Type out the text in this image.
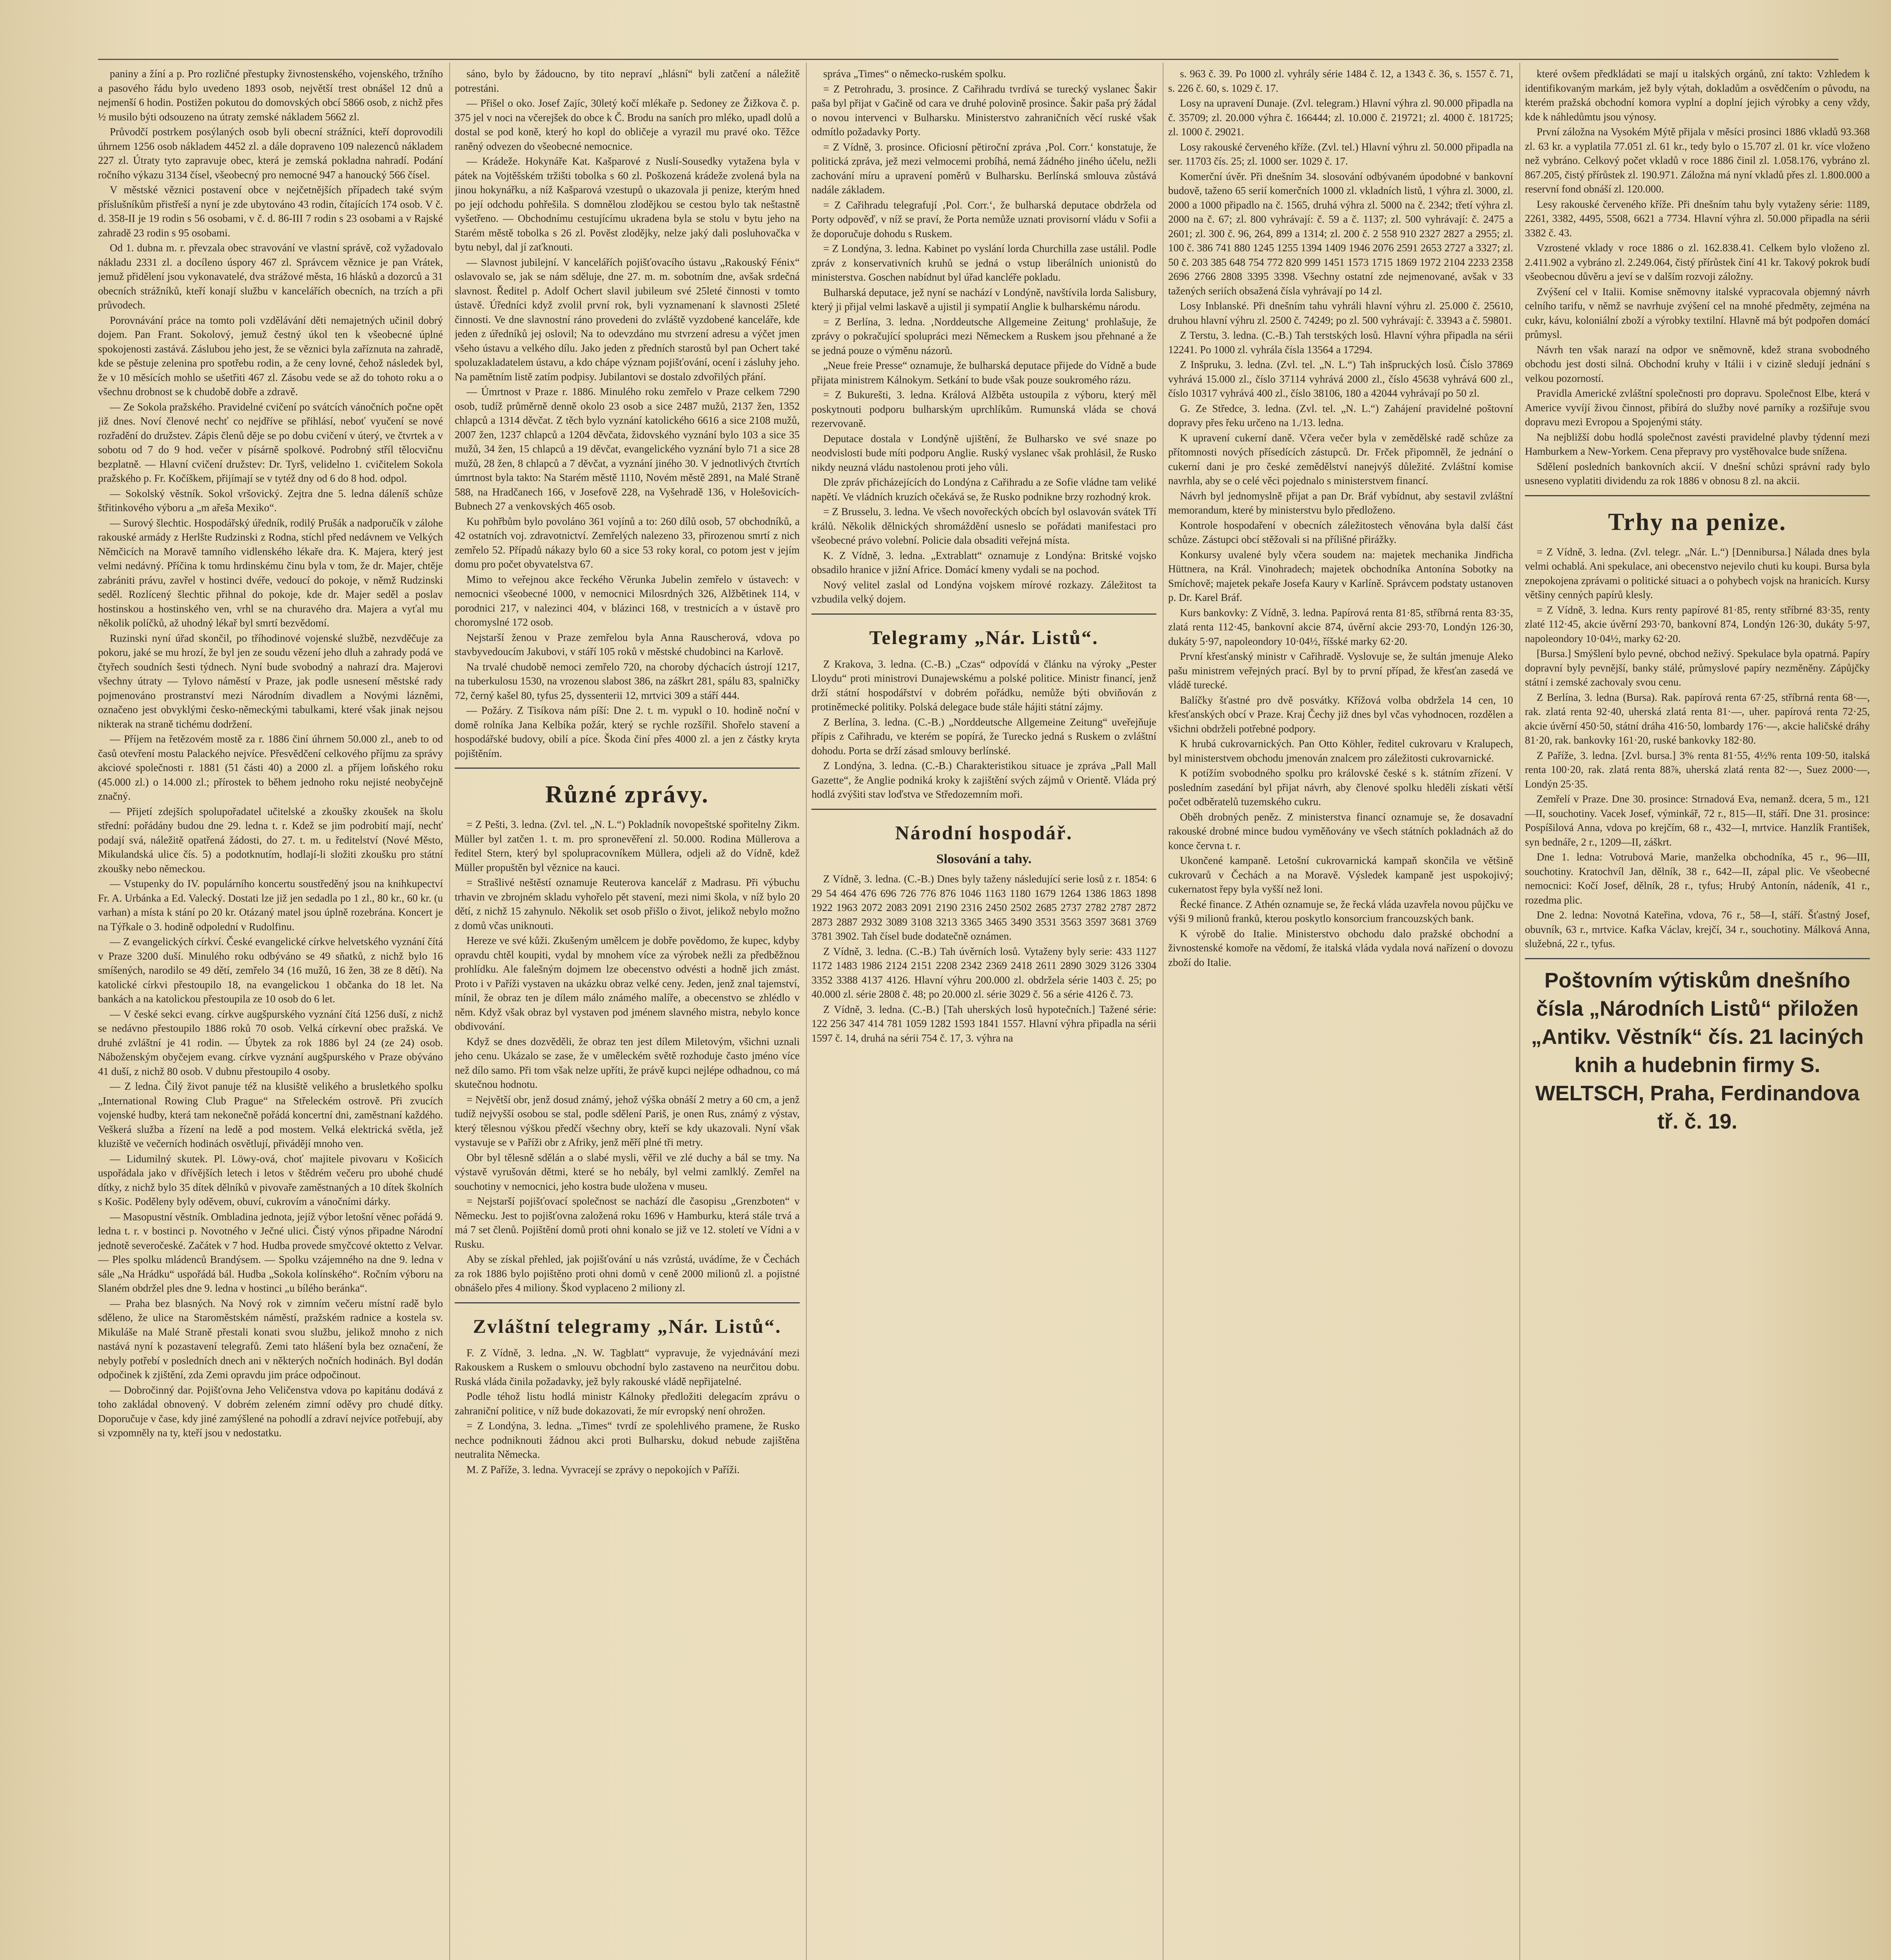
paniny a žíní a p. Pro rozličné přestupky živnostenského, vojenského, tržního a pasového řádu bylo uvedeno 1893 osob, největší trest obnášel 12 dnů a nejmenší 6 hodin. Postižen pokutou do domovských obcí 5866 osob, z nichž přes ½ musilo býti odsouzeno na útraty zemské nákladem 5662 zl.

Průvodčí postrkem posýlaných osob byli obecní strážníci, kteří doprovodili úhrnem 1256 osob nákladem 4452 zl. a dále dopraveno 109 nalezenců nákladem 227 zl. Útraty tyto zapravuje obec, která je zemská pokladna nahradí. Podání ročního výkazu 3134 čísel, všeobecný pro nemocné 947 a hanoucký 566 čísel.

V městské věznici postavení obce v nejčetnějších případech také svým příslušníkům přistřeší a nyní je zde ubytováno 43 rodin, čítajících 174 osob. V č. d. 358-II je 19 rodin s 56 osobami, v č. d. 86-III 7 rodin s 23 osobami a v Rajské zahradě 23 rodin s 95 osobami.

Od 1. dubna m. r. převzala obec stravování ve vlastní správě, což vyžadovalo nákladu 2331 zl. a docíleno úspory 467 zl. Správcem věznice je pan Vrátek, jemuž přidělení jsou vykonavatelé, dva strážové města, 16 hlásků a dozorců a 31 obecních strážníků, kteří konají službu v kancelářích obecních, na trzích a při průvodech.

Porovnávání práce na tomto poli vzdělávání děti nemajetných učinil dobrý dojem. Pan Frant. Sokolový, jemuž čestný úkol ten k všeobecné úplné spokojenosti zastává. Záslubou jeho jest, že se věznici byla zaříznuta na zahradě, kde se pěstuje zelenina pro spotřebu rodin, a že ceny lovné, čehož následek byl, že v 10 měsících mohlo se ušetřiti 467 zl. Zásobu vede se až do tohoto roku a o všechnu drobnost se k chudobě dobře a zdravě.

— Ze Sokola pražského. Pravidelné cvičení po svátcích vánočních počne opět již dnes. Noví členové nechť co nejdříve se přihlásí, neboť vyučení se nové rozřadění do družstev. Zápis členů děje se po dobu cvičení v úterý, ve čtvrtek a v sobotu od 7 do 9 hod. večer v písárně spolkové. Podrobný stříl tělocvičnu bezplatně. — Hlavní cvičení družstev: Dr. Tyrš, velidelno 1. cvičitelem Sokola pražského p. Fr. Kočíškem, přijímají se v tytéž dny od 6 do 8 hod. odpol.

— Sokolský věstník. Sokol vršovický. Zejtra dne 5. ledna dáleníš schůze štřitinkového výboru a „m ařeša Mexiko“.

— Surový šlechtic. Hospodářský úředník, rodilý Prušák a nadporučík v zálohe rakouské armády z Herlšte Rudzinski z Rodna, stíchl před nedávnem ve Velkých Němčicích na Moravě tamního vidlenského lékaře dra. K. Majera, který jest velmi nedávný. Příčina k tomu hrdinskému činu byla v tom, že dr. Majer, chtěje zabrániti právu, zavřel v hostinci dvéře, vedoucí do pokoje, v němž Rudzinski seděl. Rozlícený šlechtic přihnal do pokoje, kde dr. Majer seděl a poslav hostinskou a hostinského ven, vrhl se na churavého dra. Majera a vyťal mu několik políčků, až uhodný lékař byl smrtí bezvědomí.

Ruzinski nyní úřad skončil, po tříhodinové vojenské službě, nezvděčuje za pokoru, jaké se mu hrozí, že byl jen ze soudu vězení jeho dluh a zahrady podá ve čtyřech soudních šesti týdnech. Nyní bude svobodný a nahrazí dra. Majerovi všechny útraty — Tylovo náměstí v Praze, jak podle usnesení městské rady pojmenováno prostranství mezi Národním divadlem a Novými lázněmi, označeno jest obvyklými česko-německými tabulkami, které však jinak nejsou nikterak na straně tichému dodržení.

— Příjem na řetězovém mostě za r. 1886 činí úhrnem 50.000 zl., aneb to od časů otevření mostu Palackého nejvíce. Přesvědčení celkového příjmu za správy akciové společnosti r. 1881 (51 části 40) a 2000 zl. a příjem loňského roku (45.000 zl.) o 14.000 zl.; přírostek to během jednoho roku nejisté neobyčejně značný.

— Přijetí zdejších spolupořadatel učitelské a zkoušky zkoušek na školu střední: pořádány budou dne 29. ledna t. r. Kdež se jim podrobití mají, nechť podají svá, náležitě opatřená žádosti, do 27. t. m. u ředitelství (Nové Město, Mikulandská ulice čís. 5) a podotknutím, hodlají-li složiti zkoušku pro státní zkoušky nebo německou.

— Vstupenky do IV. populárního koncertu soustředěný jsou na knihkupectví Fr. A. Urbánka a Ed. Valecký. Dostati lze již jen sedadla po 1 zl., 80 kr., 60 kr. (u varhan) a místa k stání po 20 kr. Otázaný matel jsou úplně rozebrána. Koncert je na Týřkale o 3. hodině odpolední v Rudolfinu.

— Z evangelických církví. České evangelické církve helvetského vyznání čítá v Praze 3200 duší. Minulého roku odbýváno se 49 sňatků, z nichž bylo 16 smíšených, narodilo se 49 dětí, zemřelo 34 (16 mužů, 16 žen, 38 ze 8 dětí). Na katolické církvi přestoupilo 18, na evangelickou 1 občanka do 18 let. Na bankách a na katolickou přestoupila ze 10 osob do 6 let.

— V české sekci evang. církve augšpurského vyznání čítá 1256 duší, z nichž se nedávno přestoupilo 1886 roků 70 osob. Velká církevní obec pražská. Ve druhé zvláštní je 41 rodin. — Úbytek za rok 1886 byl 24 (ze 24) osob. Náboženským obyčejem evang. církve vyznání augšpurského v Praze obýváno 41 duší, z nichž 80 osob. V dubnu přestoupilo 4 osoby.

— Z ledna. Čilý život panuje též na klusiště velikého a brusletkého spolku „International Rowing Club Prague“ na Střeleckém ostrově. Při zvucích vojenské hudby, která tam nekonečně pořádá koncertní dni, zaměstnaní každého. Veškerá služba a řízení na ledě a pod mostem. Velká elektrická světla, jež kluziště ve večerních hodinách osvětlují, přivádějí mnoho ven.

— Lidumilný skutek. Pl. Löwy-ová, choť majitele pivovaru v Košicích uspořádala jako v dřívějších letech i letos v štědrém večeru pro ubohé chudé dítky, z nichž bylo 35 dítek dělníků v pivovaře zaměstnaných a 10 dítek školních s Košic. Poděleny byly oděvem, obuví, cukrovím a vánočními dárky.

— Masopustní věstník. Ombladina jednota, jejíž výbor letošní věnec pořádá 9. ledna t. r. v bostinci p. Novotného v Ječné ulici. Čistý výnos připadne Národní jednotě severočeské. Začátek v 7 hod. Hudba provede smyčcové oktetto z Velvar. — Ples spolku mládenců Brandýsem. — Spolku vzájemného na dne 9. ledna v sále „Na Hrádku“ uspořádá bál. Hudba „Sokola kolínského“. Ročním výboru na Slaném obdržel ples dne 9. ledna v hostinci „u bílého beránka“.

— Praha bez blasných. Na Nový rok v zimním večeru místní radě bylo sděleno, že ulice na Staroměstském náměstí, pražském radnice a kostela sv. Mikuláše na Malé Straně přestali konati svou službu, jelikož mnoho z nich nastává nyní k pozastavení telegrafů. Zemi tato hlášení byla bez označení, že nebyly potřebí v posledních dnech ani v některých nočních hodinách. Byl dodán odpočinek k zjištění, zda Zemi opravdu jim práce odpočinout.

— Dobročinný dar. Pojišťovna Jeho Veličenstva vdova po kapitánu dodává z toho zakládal obnovený. V dobrém zeleném zimní oděvy pro chudé dítky. Doporučuje v čase, kdy jiné zamýšlené na pohodlí a zdraví nejvíce potřebují, aby si vzpomněly na ty, kteří jsou v nedostatku.

sáno, bylo by žádoucno, by tito nepraví „hlásní“ byli zatčení a náležitě potrestáni.

— Přišel o oko. Josef Zajíc, 30letý kočí mlékaře p. Sedoney ze Žižkova č. p. 375 jel v noci na včerejšek do obce k Č. Brodu na saních pro mléko, upadl dolů a dostal se pod koně, který ho kopl do obličeje a vyrazil mu pravé oko. Těžce raněný odvezen do všeobecné nemocnice.

— Krádeže. Hokynáře Kat. Kašparové z Nuslí-Sousedky vytažena byla v pátek na Vojtěšském tržišti tobolka s 60 zl. Poškozená krádeže zvolená byla na jinou hokynářku, a níž Kašparová vzestupů o ukazovala ji penize, kterým hned po její odchodu pohřešila. S domnělou zlodějkou se cestou bylo tak neštastně vyšetřeno. — Obchodnímu cestujícímu ukradena byla se stolu v bytu jeho na Starém městě tobolka s 26 zl. Pověst zlodějky, nelze jaký dali posluhovačka v bytu nebyl, dal jí zaťknouti.

— Slavnost jubilejní. V kancelářích pojišťovacího ústavu „Rakouský Fénix“ oslavovalo se, jak se nám sděluje, dne 27. m. m. sobotním dne, avšak srdečná slavnost. Ředitel p. Adolf Ochert slavil jubileum své 25leté činnosti v tomto ústavě. Úředníci když zvolil první rok, byli vyznamenaní k slavnosti 25leté činnosti. Ve dne slavnostní ráno provedeni do zvláště vyzdobené kanceláře, kde jeden z úředníků jej oslovil; Na to odevzdáno mu stvrzení adresu a výčet jmen všeho ústavu a velkého dílu. Jako jeden z předních starostů byl pan Ochert také spoluzakladatelem ústavu, a kdo chápe význam pojišťování, ocení i zásluhy jeho. Na pamětním listě zatím podpisy. Jubilantovi se dostalo zdvořilých přání.

— Úmrtnost v Praze r. 1886. Minulého roku zemřelo v Praze celkem 7290 osob, tudíž průměrně denně okolo 23 osob a sice 2487 mužů, 2137 žen, 1352 chlapců a 1314 děvčat. Z těch bylo vyznání katolického 6616 a sice 2108 mužů, 2007 žen, 1237 chlapců a 1204 děvčata, židovského vyznání bylo 103 a sice 35 mužů, 34 žen, 15 chlapců a 19 děvčat, evangelického vyznání bylo 71 a sice 28 mužů, 28 žen, 8 chlapců a 7 děvčat, a vyznání jiného 30. V jednotlivých čtvrtích úmrtnost byla takto: Na Starém městě 1110, Novém městě 2891, na Malé Straně 588, na Hradčanech 166, v Josefově 228, na Vyšehradě 136, v Holešovicích-Bubnech 27 a venkovských 465 osob.

Ku pohřbům bylo povoláno 361 vojínů a to: 260 dílů osob, 57 obchodníků, a 42 ostatních voj. zdravotnictví. Zemřelých nalezeno 33, přirozenou smrtí z nich zemřelo 52. Případů nákazy bylo 60 a sice 53 roky koral, co potom jest v jejím domu pro počet obyvatelstva 67.

Mimo to veřejnou akce řeckého Věrunka Jubelin zemřelo v ústavech: v nemocnici všeobecné 1000, v nemocnici Milosrdných 326, Alžbětinek 114, v porodnici 217, v nalezinci 404, v blázinci 168, v trestnicích a v ústavě pro choromyslné 172 osob.

Nejstarší ženou v Praze zemřelou byla Anna Rauscherová, vdova po stavbyvedoucím Jakubovi, v stáří 105 roků v městské chudobinci na Karlově.

Na trvalé chudobě nemoci zemřelo 720, na choroby dýchacích ústrojí 1217, na tuberkulosu 1530, na vrozenou slabost 386, na záškrt 281, spálu 83, spalničky 72, černý kašel 80, tyfus 25, dyssenterii 12, mrtvici 309 a stáří 444.

— Požáry. Z Tisíkova nám píší: Dne 2. t. m. vypukl o 10. hodině noční v domě rolníka Jana Kelbíka požár, který se rychle rozšířil. Shořelo stavení a hospodářské budovy, obilí a píce. Škoda činí přes 4000 zl. a jen z částky kryta pojištěním.

Různé zprávy.

= Z Pešti, 3. ledna. (Zvl. tel. „N. L.“) Pokladník novopeštské spořitelny Zikm. Müller byl zatčen 1. t. m. pro spronevěření zl. 50.000. Rodina Müllerova a ředitel Stern, který byl spolupracovníkem Müllera, odjeli až do Vídně, kdež Müller propuštěn byl věznice na kauci.

= Strašlivé neštěstí oznamuje Reuterova kancelář z Madrasu. Při výbuchu trhavin ve zbrojném skladu vyhořelo pět stavení, mezi nimi škola, v níž bylo 20 dětí, z nichž 15 zahynulo. Několik set osob přišlo o život, jelikož nebylo možno z domů včas uniknouti.

Hereze ve své kůži. Zkušeným umělcem je dobře povědomo, že kupec, kdyby opravdu chtěl koupiti, vydal by mnohem více za výrobek nežli za předběžnou prohlídku. Ale falešným dojmem lze obecenstvo odvésti a hodně jich zmást. Proto i v Paříži vystaven na ukázku obraz velké ceny. Jeden, jenž znal tajemství, mínil, že obraz ten je dílem málo známého malíře, a obecenstvo se zhlédlo v něm. Když však obraz byl vystaven pod jménem slavného mistra, nebylo konce obdivování.

Když se dnes dozvěděli, že obraz ten jest dílem Miletovým, všichni uznali jeho cenu. Ukázalo se zase, že v uměleckém světě rozhoduje často jméno více než dílo samo. Při tom však nelze upříti, že právě kupci nejlépe odhadnou, co má skutečnou hodnotu.

= Největší obr, jenž dosud známý, jehož výška obnáší 2 metry a 60 cm, a jenž tudíž nejvyšší osobou se stal, podle sdělení Pariš, je onen Rus, známý z výstav, který tělesnou výškou předčí všechny obry, kteří se kdy ukazovali. Nyní však vystavuje se v Paříži obr z Afriky, jenž měří plné tři metry.

Obr byl tělesně sdělán a o slabé mysli, věřil ve zlé duchy a bál se tmy. Na výstavě vyrušován dětmi, které se ho nebály, byl velmi zamlklý. Zemřel na souchotiny v nemocnici, jeho kostra bude uložena v museu.

= Nejstarší pojišťovací společnost se nachází dle časopisu „Grenzboten“ v Německu. Jest to pojišťovna založená roku 1696 v Hamburku, která stále trvá a má 7 set členů. Pojištění domů proti ohni konalo se již ve 12. století ve Vídni a v Rusku.

Aby se získal přehled, jak pojišťování u nás vzrůstá, uvádíme, že v Čechách za rok 1886 bylo pojištěno proti ohni domů v ceně 2000 milionů zl. a pojistné obnášelo přes 4 miliony. Škod vyplaceno 2 miliony zl.

Zvláštní telegramy „Nár. Listů“.

F. Z Vídně, 3. ledna. „N. W. Tagblatt“ vypravuje, že vyjednávání mezi Rakouskem a Ruskem o smlouvu obchodní bylo zastaveno na neurčitou dobu. Ruská vláda činila požadavky, jež byly rakouské vládě nepřijatelné.

Podle téhož listu hodlá ministr Kálnoky předložiti delegacím zprávu o zahraniční politice, v níž bude dokazovati, že mír evropský není ohrožen.

= Z Londýna, 3. ledna. „Times“ tvrdí ze spolehlivého pramene, že Rusko nechce podniknouti žádnou akci proti Bulharsku, dokud nebude zajištěna neutralita Německa.

M. Z Paříže, 3. ledna. Vyvracejí se zprávy o nepokojích v Paříži.

správa „Times“ o německo-ruském spolku.

= Z Petrohradu, 3. prosince. Z Cařihradu tvrdívá se turecký vyslanec Šakir paša byl přijat v Gačině od cara ve druhé polovině prosince. Šakir paša prý žádal o novou intervenci v Bulharsku. Ministerstvo zahraničních věcí ruské však odmítlo požadavky Porty.

= Z Vídně, 3. prosince. Oficiosní pětiroční zpráva ‚Pol. Corr.‘ konstatuje, že politická zpráva, jež mezi velmocemi probíhá, nemá žádného jiného účelu, nežli zachování míru a upravení poměrů v Bulharsku. Berlínská smlouva zůstává nadále základem.

= Z Cařihradu telegrafují ‚Pol. Corr.‘, že bulharská deputace obdržela od Porty odpověď, v níž se praví, že Porta nemůže uznati provisorní vládu v Sofii a že doporučuje dohodu s Ruskem.

= Z Londýna, 3. ledna. Kabinet po vyslání lorda Churchilla zase ustálil. Podle zpráv z konservativních kruhů se jedná o vstup liberálních unionistů do ministerstva. Goschen nabídnut byl úřad kancléře pokladu.

Bulharská deputace, jež nyní se nachází v Londýně, navštívila lorda Salisbury, který ji přijal velmi laskavě a ujistil ji sympatií Anglie k bulharskému národu.

= Z Berlína, 3. ledna. ‚Norddeutsche Allgemeine Zeitung‘ prohlašuje, že zprávy o pokračující spolupráci mezi Německem a Ruskem jsou přehnané a že se jedná pouze o výměnu názorů.

„Neue freie Presse“ oznamuje, že bulharská deputace přijede do Vídně a bude přijata ministrem Kálnokym. Setkání to bude však pouze soukromého rázu.

= Z Bukurešti, 3. ledna. Králová Alžběta ustoupila z výboru, který měl poskytnouti podporu bulharským uprchlíkům. Rumunská vláda se chová rezervovaně.

Deputace dostala v Londýně ujištění, že Bulharsko ve své snaze po neodvislosti bude míti podporu Anglie. Ruský vyslanec však prohlásil, že Rusko nikdy neuzná vládu nastolenou proti jeho vůli.

Dle zpráv přicházejících do Londýna z Cařihradu a ze Sofie vládne tam veliké napětí. Ve vládních kruzích očekává se, že Rusko podnikne brzy rozhodný krok.

= Z Brusselu, 3. ledna. Ve všech novořeckých obcích byl oslavován svátek Tří králů. Několik dělnických shromáždění usneslo se pořádati manifestaci pro všeobecné právo volební. Policie dala obsaditi veřejná místa.

K. Z Vídně, 3. ledna. „Extrablatt“ oznamuje z Londýna: Britské vojsko obsadilo hranice v jižní Africe. Domácí kmeny vydali se na pochod.

Nový velitel zaslal od Londýna vojskem mírové rozkazy. Záležitost ta vzbudila velký dojem.

Telegramy „Nár. Listů“.

Z Krakova, 3. ledna. (C.-B.) „Czas“ odpovídá v článku na výroky „Pester Lloydu“ proti ministrovi Dunajewskému a polské politice. Ministr financí, jenž drží státní hospodářství v dobrém pořádku, nemůže býti obviňován z protiněmecké politiky. Polská delegace bude stále hájiti státní zájmy.

Z Berlína, 3. ledna. (C.-B.) „Norddeutsche Allgemeine Zeitung“ uveřejňuje přípis z Cařihradu, ve kterém se popírá, že Turecko jedná s Ruskem o zvláštní dohodu. Porta se drží zásad smlouvy berlínské.

Z Londýna, 3. ledna. (C.-B.) Charakteristikou situace je zpráva „Pall Mall Gazette“, že Anglie podniká kroky k zajištění svých zájmů v Orientě. Vláda prý hodlá zvýšiti stav loďstva ve Středozemním moři.

Národní hospodář.
Slosování a tahy.

Z Vídně, 3. ledna. (C.-B.) Dnes byly taženy následující serie losů z r. 1854: 6 29 54 464 476 696 726 776 876 1046 1163 1180 1679 1264 1386 1863 1898 1922 1963 2072 2083 2091 2190 2316 2450 2502 2685 2737 2782 2787 2872 2873 2887 2932 3089 3108 3213 3365 3465 3490 3531 3563 3597 3681 3769 3781 3902. Tah čísel bude dodatečně oznámen.

Z Vídně, 3. ledna. (C.-B.) Tah úvěrních losů. Vytaženy byly serie: 433 1127 1172 1483 1986 2124 2151 2208 2342 2369 2418 2611 2890 3029 3126 3304 3352 3388 4137 4126. Hlavní výhru 200.000 zl. obdržela série 1403 č. 25; po 40.000 zl. série 2808 č. 48; po 20.000 zl. série 3029 č. 56 a série 4126 č. 73.

Z Vídně, 3. ledna. (C.-B.) [Tah uherských losů hypotečních.] Tažené série: 122 256 347 414 781 1059 1282 1593 1841 1557. Hlavní výhra připadla na sérii 1597 č. 14, druhá na sérii 754 č. 17, 3. výhra na

s. 963 č. 39. Po 1000 zl. vyhrály série 1484 č. 12, a 1343 č. 36, s. 1557 č. 71, s. 226 č. 60, s. 1029 č. 17.

Losy na upravení Dunaje. (Zvl. telegram.) Hlavní výhra zl. 90.000 připadla na č. 35709; zl. 20.000 výhra č. 166444; zl. 10.000 č. 219721; zl. 4000 č. 181725; zl. 1000 č. 29021.

Losy rakouské červeného kříže. (Zvl. tel.) Hlavní výhru zl. 50.000 připadla na ser. 11703 čís. 25; zl. 1000 ser. 1029 č. 17.

Komerční úvěr. Při dnešním 34. slosování odbývaném úpodobné v bankovní budově, taženo 65 serií komerčních 1000 zl. vkladních listů, 1 výhra zl. 3000, zl. 2000 a 1000 připadlo na č. 1565, druhá výhra zl. 5000 na č. 2342; třetí výhra zl. 2000 na č. 67; zl. 800 vyhrávají: č. 59 a č. 1137; zl. 500 vyhrávají: č. 2475 a 2601; zl. 300 č. 96, 264, 899 a 1314; zl. 200 č. 2 558 910 2327 2827 a 2955; zl. 100 č. 386 741 880 1245 1255 1394 1409 1946 2076 2591 2653 2727 a 3327; zl. 50 č. 203 385 648 754 772 820 999 1451 1573 1715 1869 1972 2104 2233 2358 2696 2766 2808 3395 3398. Všechny ostatní zde nejmenované, avšak v 33 tažených seriích obsažená čísla vyhrávají po 14 zl.

Losy Inblanské. Při dnešním tahu vyhráli hlavní výhru zl. 25.000 č. 25610, druhou hlavní výhru zl. 2500 č. 74249; po zl. 500 vyhrávají: č. 33943 a č. 59801.

Z Terstu, 3. ledna. (C.-B.) Tah terstských losů. Hlavní výhra připadla na sérii 12241. Po 1000 zl. vyhrála čísla 13564 a 17294.

Z Inšpruku, 3. ledna. (Zvl. tel. „N. L.“) Tah inšpruckých losů. Číslo 37869 vyhrává 15.000 zl., číslo 37114 vyhrává 2000 zl., číslo 45638 vyhrává 600 zl., číslo 10317 vyhrává 400 zl., číslo 38106, 180 a 42044 vyhrávají po 50 zl.

G. Ze Středce, 3. ledna. (Zvl. tel. „N. L.“) Zahájení pravidelné poštovní dopravy přes řeku určeno na 1./13. ledna.

K upravení cukerní daně. Včera večer byla v zemědělské radě schůze za přítomnosti nových přísedících zástupců. Dr. Frček připomněl, že jednání o cukerní dani je pro české zemědělství nanejvýš důležité. Zvláštní komise navrhla, aby se o celé věci pojednalo s ministerstvem financí.

Návrh byl jednomyslně přijat a pan Dr. Bráf vybídnut, aby sestavil zvláštní memorandum, které by ministerstvu bylo předloženo.

Kontrole hospodaření v obecních záležitostech věnována byla další část schůze. Zástupci obcí stěžovali si na přílišné přirážky.

Konkursy uvalené byly včera soudem na: majetek mechanika Jindřicha Hüttnera, na Král. Vinohradech; majetek obchodníka Antonína Sobotky na Smíchově; majetek pekaře Josefa Kaury v Karlíně. Správcem podstaty ustanoven p. Dr. Karel Bráf.

Kurs bankovky: Z Vídně, 3. ledna. Papírová renta 81·85, stříbrná renta 83·35, zlatá renta 112·45, bankovní akcie 874, úvěrní akcie 293·70, Londýn 126·30, dukáty 5·97, napoleondory 10·04½, říšské marky 62·20.

První křesťanský ministr v Cařihradě. Vyslovuje se, že sultán jmenuje Aleko pašu ministrem veřejných prací. Byl by to první případ, že křesťan zasedá ve vládě turecké.

Balíčky šťastné pro dvě posvátky. Křížová volba obdržela 14 cen, 10 křesťanských obcí v Praze. Kraj Čechy již dnes byl včas vyhodnocen, rozdělen a všichni obdrželi potřebné podpory.

K hrubá cukrovarnických. Pan Otto Köhler, ředitel cukrovaru v Kralupech, byl ministerstvem obchodu jmenován znalcem pro záležitosti cukrovarnické.

K potížím svobodného spolku pro královské české s k. státním zřízení. V posledním zasedání byl přijat návrh, aby členové spolku hleděli získati větší počet odběratelů tuzemského cukru.

Oběh drobných peněz. Z ministerstva financí oznamuje se, že dosavadní rakouské drobné mince budou vyměňovány ve všech státních pokladnách až do konce června t. r.

Ukončené kampaně. Letošní cukrovarnická kampaň skončila ve většině cukrovarů v Čechách a na Moravě. Výsledek kampaně jest uspokojivý; cukernatost řepy byla vyšší než loni.

Řecké finance. Z Athén oznamuje se, že řecká vláda uzavřela novou půjčku ve výši 9 milionů franků, kterou poskytlo konsorcium francouzských bank.

K výrobě do Italie. Ministerstvo obchodu dalo pražské obchodní a živnostenské komoře na vědomí, že italská vláda vydala nová nařízení o dovozu zboží do Italie.

které ovšem předkládati se mají u italských orgánů, zní takto: Vzhledem k identifikovaným markám, jež byly výtah, dokladům a osvědčením o původu, na kterém pražská obchodní komora vyplní a doplní jejich výrobky a ceny vždy, kde k náhledůmtu jsou výnosy.

První záložna na Vysokém Mýtě přijala v měsíci prosinci 1886 vkladů 93.368 zl. 63 kr. a vyplatila 77.051 zl. 61 kr., tedy bylo o 15.707 zl. 01 kr. více vloženo než vybráno. Celkový počet vkladů v roce 1886 činil zl. 1.058.176, vybráno zl. 867.205, čistý přírůstek zl. 190.971. Záložna má nyní vkladů přes zl. 1.800.000 a reservní fond obnáší zl. 120.000.

Lesy rakouské červeného kříže. Při dnešním tahu byly vytaženy série: 1189, 2261, 3382, 4495, 5508, 6621 a 7734. Hlavní výhra zl. 50.000 připadla na sérii 3382 č. 43.

Vzrostené vklady v roce 1886 o zl. 162.838.41. Celkem bylo vloženo zl. 2.411.902 a vybráno zl. 2.249.064, čistý přírůstek činí 41 kr. Takový pokrok budí všeobecnou důvěru a jeví se v dalším rozvoji záložny.

Zvýšení cel v Italii. Komise sněmovny italské vypracovala objemný návrh celního tarifu, v němž se navrhuje zvýšení cel na mnohé předměty, zejména na cukr, kávu, koloniální zboží a výrobky textilní. Hlavně má být podpořen domácí průmysl.

Návrh ten však narazí na odpor ve sněmovně, kdež strana svobodného obchodu jest dosti silná. Obchodní kruhy v Itálii i v cizině sledují jednání s velkou pozorností.

Pravidla Americké zvláštní společnosti pro dopravu. Společnost Elbe, která v Americe vyvíjí živou činnost, přibírá do služby nové parníky a rozšiřuje svou dopravu mezi Evropou a Spojenými státy.

Na nejbližší dobu hodlá společnost zavésti pravidelné plavby týdenní mezi Hamburkem a New-Yorkem. Cena přepravy pro vystěhovalce bude snížena.

Sdělení posledních bankovních akcií. V dnešní schůzi správní rady bylo usneseno vyplatiti dividendu za rok 1886 v obnosu 8 zl. na akcii.

Trhy na penize.

= Z Vídně, 3. ledna. (Zvl. telegr. „Nár. L.“) [Dennibursa.] Nálada dnes byla velmi ochablá. Ani spekulace, ani obecenstvo nejevilo chuti ku koupi. Bursa byla znepokojena zprávami o politické situaci a o pohybech vojsk na hranicích. Kursy většiny cenných papírů klesly.

= Z Vídně, 3. ledna. Kurs renty papírové 81·85, renty stříbrné 83·35, renty zlaté 112·45, akcie úvěrní 293·70, bankovní 874, Londýn 126·30, dukáty 5·97, napoleondory 10·04½, marky 62·20.

[Bursa.] Smýšlení bylo pevné, obchod neživý. Spekulace byla opatrná. Papíry dopravní byly pevnější, banky stálé, průmyslové papíry nezměněny. Zápůjčky státní i zemské zachovaly svou cenu.

Z Berlína, 3. ledna (Bursa). Rak. papírová renta 67·25, stříbrná renta 68·—, rak. zlatá renta 92·40, uherská zlatá renta 81·—, uher. papírová renta 72·25, akcie úvěrní 450·50, státní dráha 416·50, lombardy 176·—, akcie haličské dráhy 81·20, rak. bankovky 161·20, ruské bankovky 182·80.

Z Paříže, 3. ledna. [Zvl. bursa.] 3% renta 81·55, 4½% renta 109·50, italská renta 100·20, rak. zlatá renta 88⅞, uherská zlatá renta 82·—, Suez 2000·—, Londýn 25·35.

Zemřelí v Praze. Dne 30. prosince: Strnadová Eva, nemanž. dcera, 5 m., 121—II, souchotiny. Vacek Josef, výminkář, 72 r., 815—II, stáří. Dne 31. prosince: Pospíšilová Anna, vdova po krejčím, 68 r., 432—I, mrtvice. Hanzlík František, syn bednáře, 2 r., 1209—II, záškrt.

Dne 1. ledna: Votrubová Marie, manželka obchodníka, 45 r., 96—III, souchotiny. Kratochvíl Jan, dělník, 38 r., 642—II, zápal plic. Ve všeobecné nemocnici: Kočí Josef, dělník, 28 r., tyfus; Hrubý Antonín, nádeník, 41 r., rozedma plic.

Dne 2. ledna: Novotná Kateřina, vdova, 76 r., 58—I, stáří. Šťastný Josef, obuvník, 63 r., mrtvice. Kafka Václav, krejčí, 34 r., souchotiny. Málková Anna, služebná, 22 r., tyfus.

Poštovním výtiskům dnešního čísla „Národních Listů“ přiložen „Antikv. Věstník“ čís. 21 laciných knih a hudebnin firmy S. WELTSCH, Praha, Ferdinandova tř. č. 19.
